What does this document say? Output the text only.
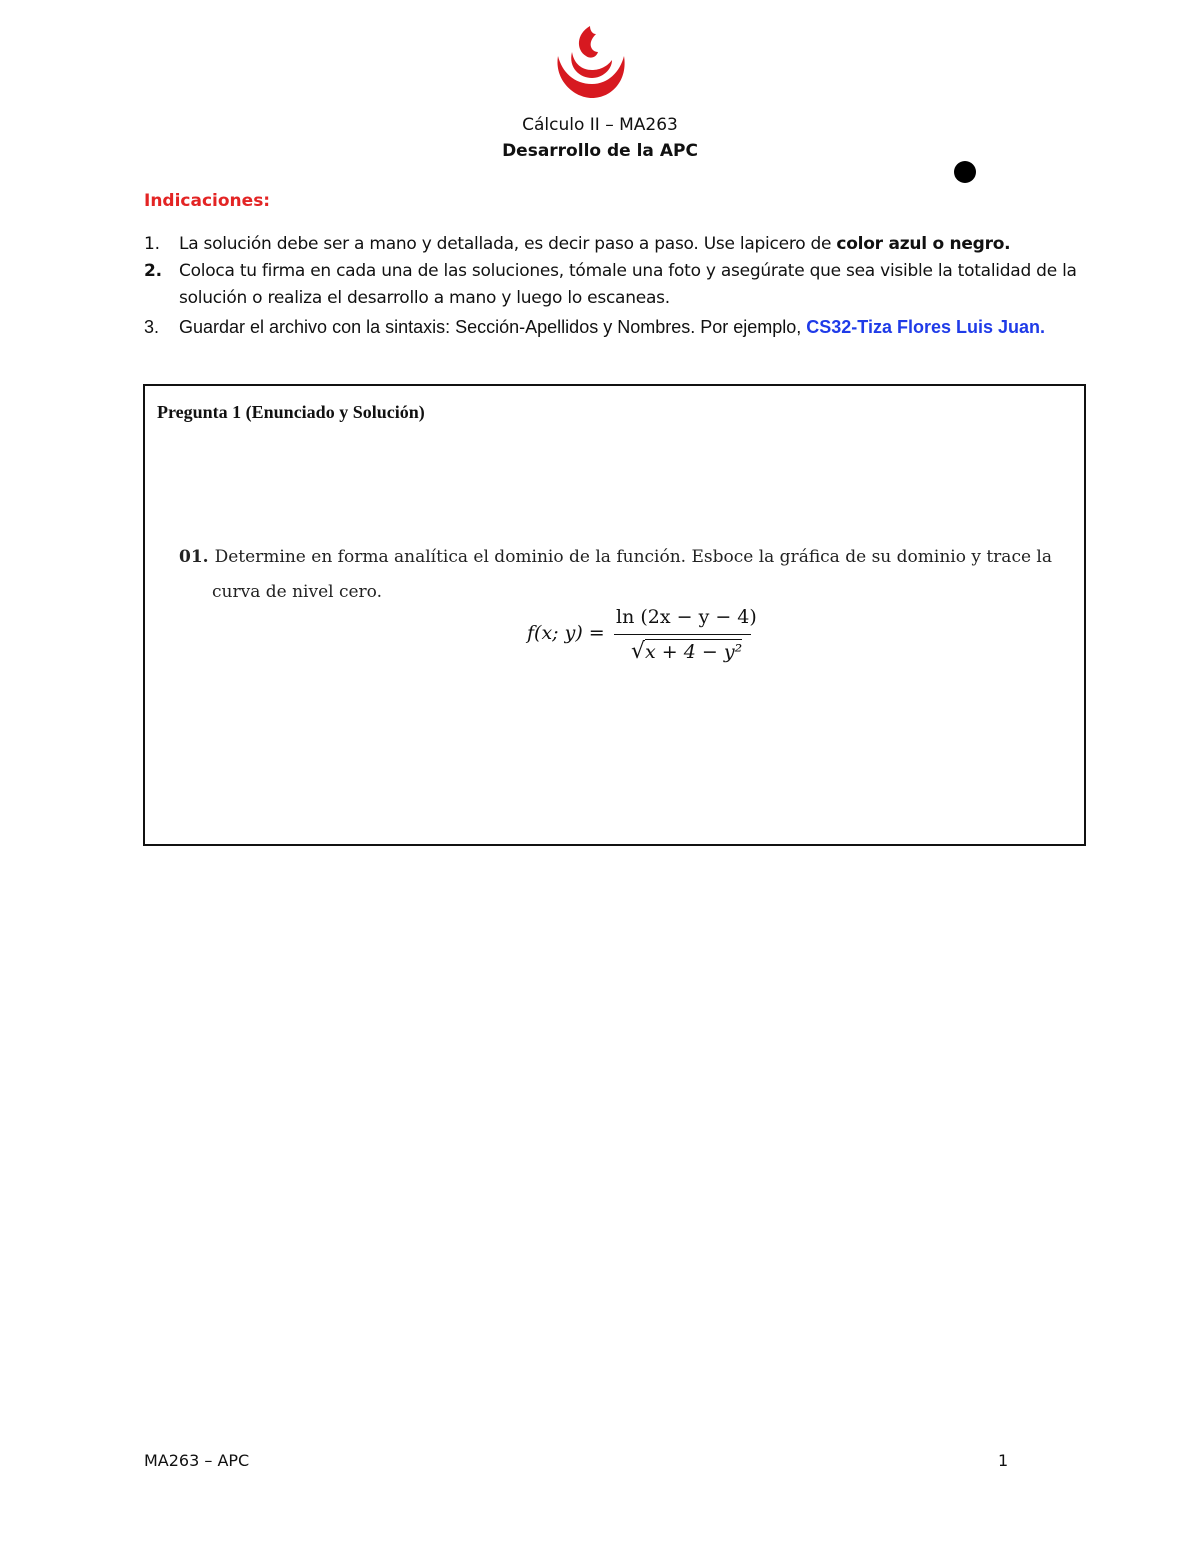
Cálculo II – MA263
Desarrollo de la APC
Indicaciones:
1. La solución debe ser a mano y detallada, es decir paso a paso. Use lapicero de color azul o negro.
2. Coloca tu firma en cada una de las soluciones, tómale una foto y asegúrate que sea visible la totalidad de la solución o realiza el desarrollo a mano y luego lo escaneas.
3. Guardar el archivo con la sintaxis: Sección-Apellidos y Nombres. Por ejemplo, CS32-Tiza Flores Luis Juan.
Pregunta 1 (Enunciado y Solución)
01. Determine en forma analítica el dominio de la función. Esboce la gráfica de su dominio y trace la
curva de nivel cero.
f(x; y) =
ln (2x − y − 4)
√x + 4 − y²
MA263 – APC	1
